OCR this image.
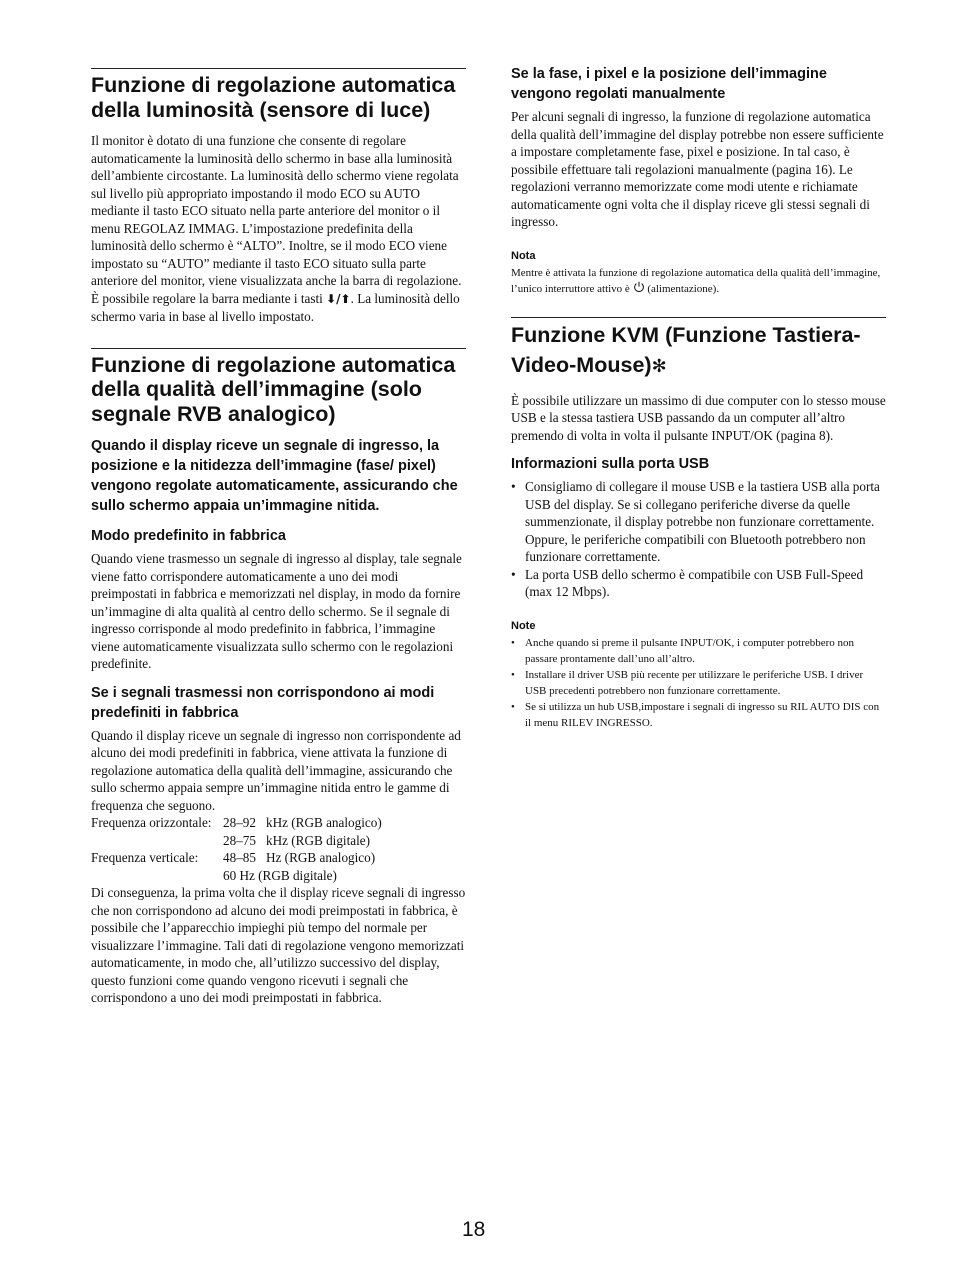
Funzione di regolazione automatica della luminosità (sensore di luce)

Il monitor è dotato di una funzione che consente di regolare automaticamente la luminosità dello schermo in base alla luminosità dell’ambiente circostante. La luminosità dello schermo viene regolata sul livello più appropriato impostando il modo ECO su AUTO mediante il tasto ECO situato nella parte anteriore del monitor o il menu REGOLAZ IMMAG. L’impostazione predefinita della luminosità dello schermo è “ALTO”. Inoltre, se il modo ECO viene impostato su “AUTO” mediante il tasto ECO situato sulla parte anteriore del monitor, viene visualizzata anche la barra di regolazione. È possibile regolare la barra mediante i tasti ⬇/⬆. La luminosità dello schermo varia in base al livello impostato.

Funzione di regolazione automatica della qualità dell’immagine (solo segnale RVB analogico)
Quando il display riceve un segnale di ingresso, la posizione e la nitidezza dell’immagine (fase/ pixel) vengono regolate automaticamente, assicurando che sullo schermo appaia un’immagine nitida.
Modo predefinito in fabbrica

Quando viene trasmesso un segnale di ingresso al display, tale segnale viene fatto corrispondere automaticamente a uno dei modi preimpostati in fabbrica e memorizzati nel display, in modo da fornire un’immagine di alta qualità al centro dello schermo. Se il segnale di ingresso corrisponde al modo predefinito in fabbrica, l’immagine viene automaticamente visualizzata sullo schermo con le regolazioni predefinite.

Se i segnali trasmessi non corrispondono ai modi predefiniti in fabbrica

Quando il display riceve un segnale di ingresso non corrispondente ad alcuno dei modi predefiniti in fabbrica, viene attivata la funzione di regolazione automatica della qualità dell’immagine, assicurando che sullo schermo appaia sempre un’immagine nitida entro le gamme di frequenza che seguono.

Frequenza orizzontale:	28–92	kHz (RGB analogico)
	28–75	kHz (RGB digitale)
Frequenza verticale:	48–85	Hz (RGB analogico)
	60 Hz (RGB digitale)	

Di conseguenza, la prima volta che il display riceve segnali di ingresso che non corrispondono ad alcuno dei modi preimpostati in fabbrica, è possibile che l’apparecchio impieghi più tempo del normale per visualizzare l’immagine. Tali dati di regolazione vengono memorizzati automaticamente, in modo che, all’utilizzo successivo del display, questo funzioni come quando vengono ricevuti i segnali che corrispondono a uno dei modi preimpostati in fabbrica.

Se la fase, i pixel e la posizione dell’immagine vengono regolati manualmente

Per alcuni segnali di ingresso, la funzione di regolazione automatica della qualità dell’immagine del display potrebbe non essere sufficiente a impostare completamente fase, pixel e posizione. In tal caso, è possibile effettuare tali regolazioni manualmente (pagina 16). Le regolazioni verranno memorizzate come modi utente e richiamate automaticamente ogni volta che il display riceve gli stessi segnali di ingresso.

Nota

Mentre è attivata la funzione di regolazione automatica della qualità dell’immagine, l’unico interruttore attivo è (alimentazione).

Funzione KVM (Funzione Tastiera-Video-Mouse)✻

È possibile utilizzare un massimo di due computer con lo stesso mouse USB e la stessa tastiera USB passando da un computer all’altro premendo di volta in volta il pulsante INPUT/OK (pagina 8).

Informazioni sulla porta USB
• Consigliamo di collegare il mouse USB e la tastiera USB alla porta USB del display. Se si collegano periferiche diverse da quelle summenzionate, il display potrebbe non funzionare correttamente. Oppure, le periferiche compatibili con Bluetooth potrebbero non funzionare correttamente.
• La porta USB dello schermo è compatibile con USB Full-Speed (max 12 Mbps).
Note
• Anche quando si preme il pulsante INPUT/OK, i computer potrebbero non passare prontamente dall’uno all’altro.
• Installare il driver USB più recente per utilizzare le periferiche USB. I driver USB precedenti potrebbero non funzionare correttamente.
• Se si utilizza un hub USB,impostare i segnali di ingresso su RIL AUTO DIS con il menu RILEV INGRESSO.
18
